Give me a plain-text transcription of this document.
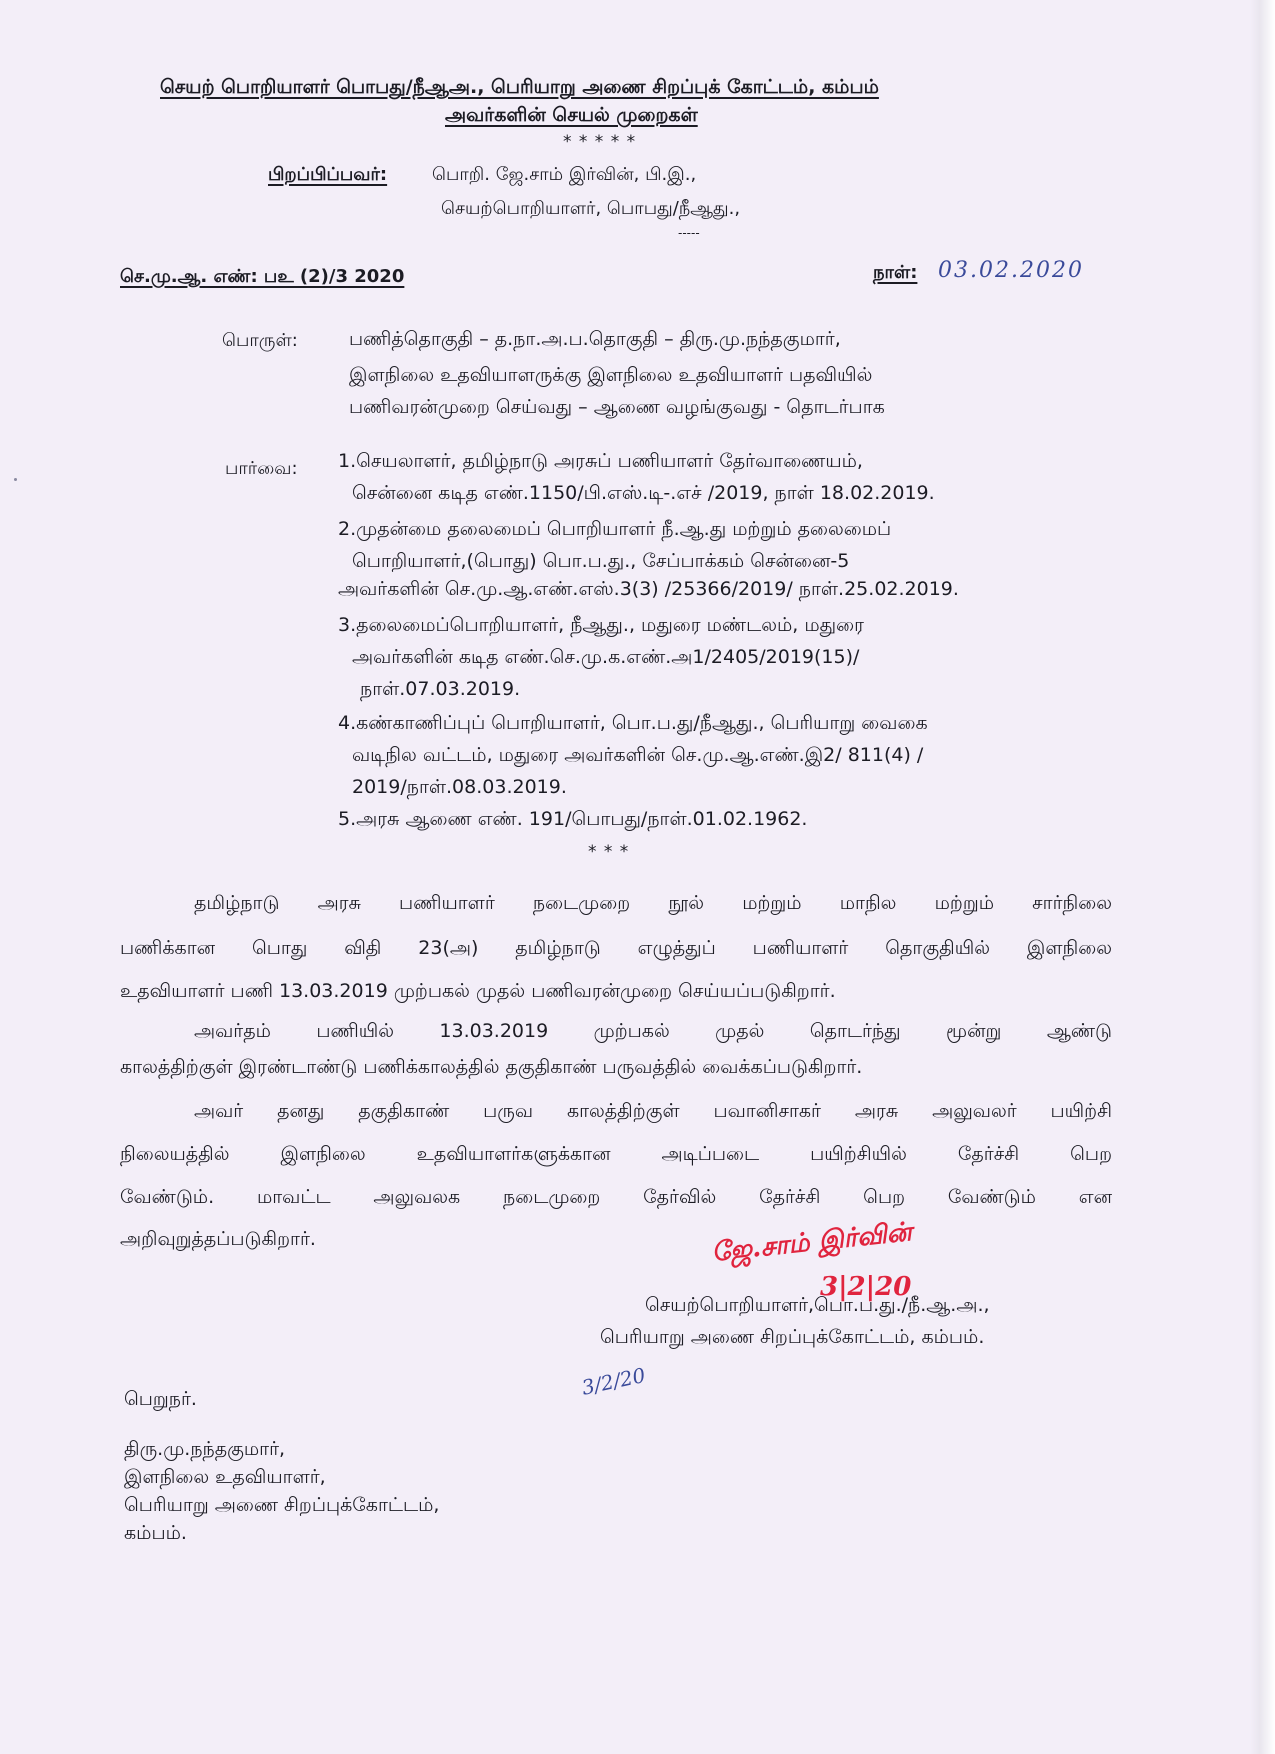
செயற் பொறியாளர் பொபது/நீஆஅ., பெரியாறு அணை சிறப்புக் கோட்டம், கம்பம்
அவர்களின் செயல் முறைகள்
* * * * *
பிறப்பிப்பவர்: பொறி. ஜே.சாம் இர்வின், பி.இ.,
செயற்பொறியாளர், பொபது/நீஆது.,
-----
செ.மு.ஆ. எண்: பஉ (2)/3 2020	நாள்: 03.02.2020
பொருள்:	பணித்தொகுதி – த.நா.அ.ப.தொகுதி – திரு.மு.நந்தகுமார்,
இளநிலை உதவியாளருக்கு இளநிலை உதவியாளர் பதவியில்
பணிவரன்முறை செய்வது – ஆணை வழங்குவது - தொடர்பாக
பார்வை: 1.செயலாளர், தமிழ்நாடு அரசுப் பணியாளர் தேர்வாணையம்,
சென்னை கடித எண்.1150/பி.எஸ்.டி-.எச் /2019, நாள் 18.02.2019.
2.முதன்மை தலைமைப் பொறியாளர் நீ.ஆ.து மற்றும் தலைமைப்
பொறியாளர்,(பொது) பொ.ப.து., சேப்பாக்கம் சென்னை-5
அவர்களின் செ.மு.ஆ.எண்.எஸ்.3(3) /25366/2019/ நாள்.25.02.2019.
3.தலைமைப்பொறியாளர், நீஆது., மதுரை மண்டலம், மதுரை
அவர்களின் கடித எண்.செ.மு.க.எண்.அ1/2405/2019(15)/
நாள்.07.03.2019.
4.கண்காணிப்புப் பொறியாளர், பொ.ப.து/நீஆது., பெரியாறு வைகை
வடிநில வட்டம், மதுரை அவர்களின் செ.மு.ஆ.எண்.இ2/ 811(4) /
2019/நாள்.08.03.2019.
5.அரசு ஆணை எண். 191/பொபது/நாள்.01.02.1962.
* * *
தமிழ்நாடு அரசு பணியாளர் நடைமுறை நூல் மற்றும் மாநில மற்றும் சார்நிலை
பணிக்கான பொது விதி 23(அ) தமிழ்நாடு எழுத்துப் பணியாளர் தொகுதியில் இளநிலை
உதவியாளர் பணி 13.03.2019 முற்பகல் முதல் பணிவரன்முறை செய்யப்படுகிறார்.
அவர்தம் பணியில் 13.03.2019 முற்பகல் முதல் தொடர்ந்து மூன்று ஆண்டு
காலத்திற்குள் இரண்டாண்டு பணிக்காலத்தில் தகுதிகாண் பருவத்தில் வைக்கப்படுகிறார்.
அவர் தனது தகுதிகாண் பருவ காலத்திற்குள் பவானிசாகர் அரசு அலுவலர் பயிற்சி
நிலையத்தில் இளநிலை உதவியாளர்களுக்கான அடிப்படை பயிற்சியில் தேர்ச்சி பெற
வேண்டும். மாவட்ட அலுவலக நடைமுறை தேர்வில் தேர்ச்சி பெற வேண்டும் என
அறிவுறுத்தப்படுகிறார்.	ஜே.சாம் இர்வின்
3|2|20
செயற்பொறியாளர்,பொ.ப.து./நீ.ஆ.அ.,
பெரியாறு அணை சிறப்புக்கோட்டம், கம்பம்.
3/2/20
பெறுநர்.
திரு.மு.நந்தகுமார்,
இளநிலை உதவியாளர்,
பெரியாறு அணை சிறப்புக்கோட்டம்,
கம்பம்.
